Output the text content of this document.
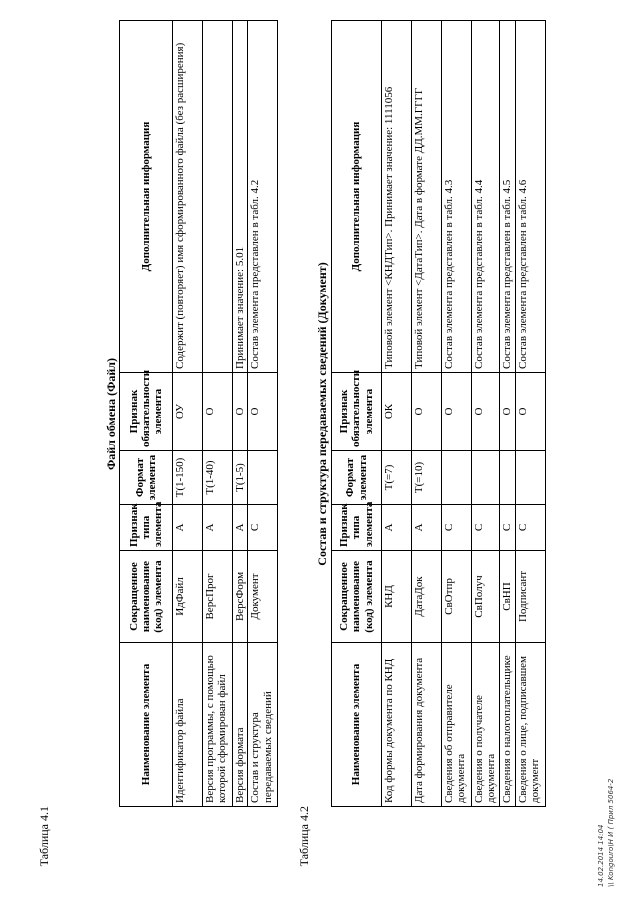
Таблица 4.1
Файл обмена (Файл)
Наименование элемента	Сокращенное наименование (код) элемента	Признак типа элемента	Формат элемента	Признак обязательности элемента	Дополнительная информация
Идентификатор файла	ИдФайл	А	Т(1-150)	ОУ	Содержит (повторяет) имя сформированного файла (без расширения)
Версия программы, с помощью которой сформирован файл	ВерсПрог	А	Т(1-40)	О	
Версия формата	ВерсФорм	А	Т(1-5)	О	Принимает значение: 5.01
Состав и структура передаваемых сведений	Документ	С		О	Состав элемента представлен в табл. 4.2
Таблица 4.2
Состав и структура передаваемых сведений (Документ)
Наименование элемента	Сокращенное наименование (код) элемента	Признак типа элемента	Формат элемента	Признак обязательности элемента	Дополнительная информация
Код формы документа по КНД	КНД	А	Т(=7)	ОК	Типовой элемент <КНДТип>. Принимает значение: 1111056
Дата формирования документа	ДатаДок	А	Т(=10)	О	Типовой элемент <ДатаТип>. Дата в формате ДД.ММ.ГГГГ
Сведения об отправителе документа	СвОтпр	С		О	Состав элемента представлен в табл. 4.3
Сведения о получателе документа	СвПолуч	С		О	Состав элемента представлен в табл. 4.4
Сведения о налогоплательщике	СвНП	С		О	Состав элемента представлен в табл. 4.5
Сведения о лице, подписавшем документ	Подписант	С		О	Состав элемента представлен в табл. 4.6
14.02.2014 14:04 \\ Kongouro\Н И ( Прил 5064-2
